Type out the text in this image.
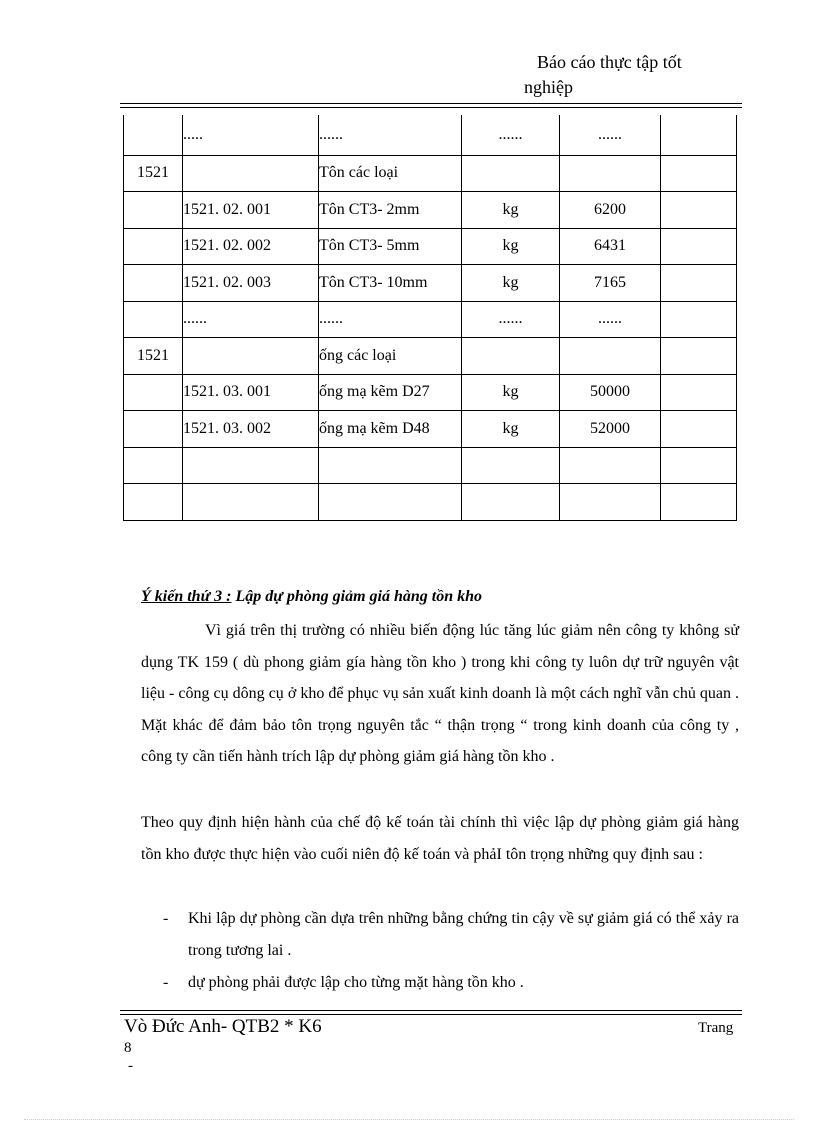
Báo cáo thực tập tốt
nghiệp
	.....	......	......	......	
1521		Tôn các loại			
	1521. 02. 001	Tôn CT3- 2mm	kg	6200	
	1521. 02. 002	Tôn CT3- 5mm	kg	6431	
	1521. 02. 003	Tôn CT3- 10mm	kg	7165	
	......	......	......	......	
1521		ống các loại			
	1521. 03. 001	ống mạ kẽm D27	kg	50000	
	1521. 03. 002	ống mạ kẽm D48	kg	52000	

Ý kiến thứ 3 : Lập dự phòng giảm giá hàng tồn kho

Vì giá trên thị trường có nhiều biến động lúc tăng lúc giảm nên công ty không sử dụng TK 159 ( dù phong giảm gía hàng tồn kho ) trong khi công ty luôn dự trữ nguyên vật liệu - công cụ dông cụ ở kho để phục vụ sản xuất kinh doanh là một cách nghĩ vẫn chủ quan . Mặt khác để đảm bảo tôn trọng nguyên tắc “ thận trọng “ trong kinh doanh của công ty , công ty cần tiến hành trích lập dự phòng giảm giá hàng tồn kho .

Theo quy định hiện hành của chế độ kế toán tài chính thì việc lập dự phòng giảm giá hàng tồn kho được thực hiện vào cuối niên độ kế toán và phảI tôn trọng những quy định sau :

- Khi lập dự phòng cần dựa trên những bằng chứng tin cậy về sự giảm giá có thể xảy ra trong tương lai .

- dự phòng phải được lập cho từng mặt hàng tồn kho .

Vò Đức Anh- QTB2 * K6	Trang
8
-
